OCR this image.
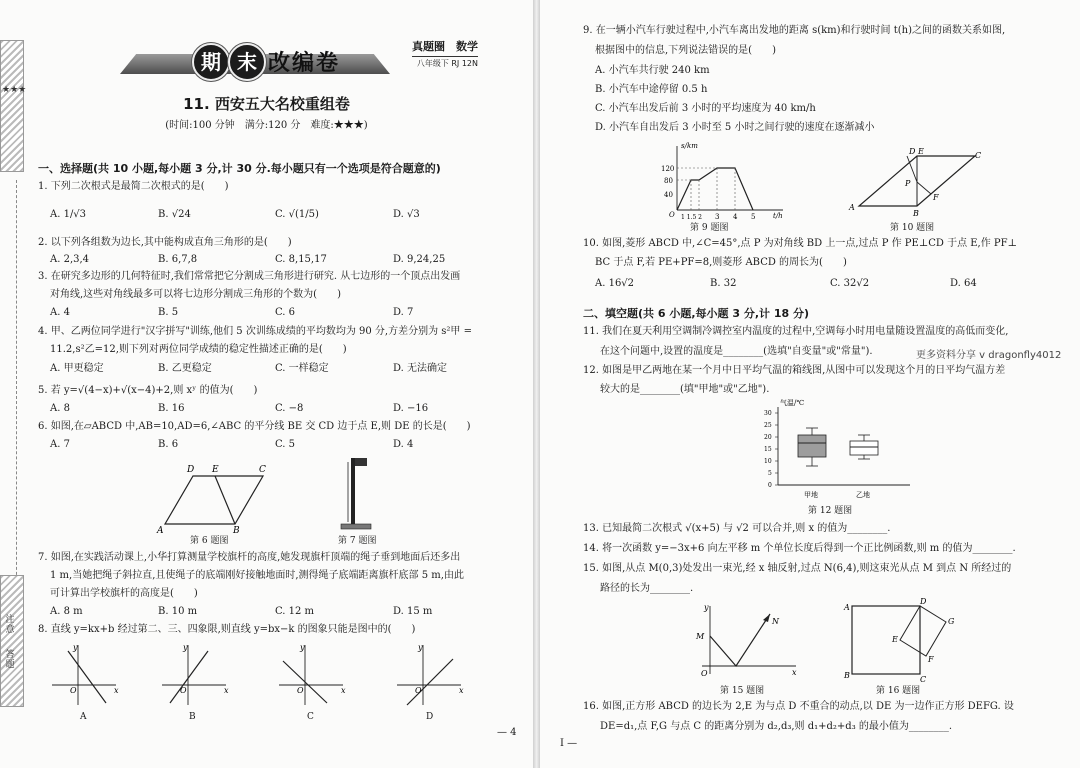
★★★
注意
答题
期 末 改编卷
真题圈　数学
八年级下 RJ 12N
11. 西安五大名校重组卷
(时间:100 分钟　满分:120 分　难度:★★★)
一、选择题(共 10 小题,每小题 3 分,计 30 分.每小题只有一个选项是符合题意的)
1. 下列二次根式是最简二次根式的是(　　)
A. 1/√3	B. √24	C. √(1/5)	D. √3
2. 以下列各组数为边长,其中能构成直角三角形的是(　　)
A. 2,3,4	B. 6,7,8	C. 8,15,17	D. 9,24,25
3. 在研究多边形的几何特征时,我们常常把它分割成三角形进行研究. 从七边形的一个顶点出发画
对角线,这些对角线最多可以将七边形分割成三角形的个数为(　　)
A. 4	B. 5	C. 6	D. 7
4. 甲、乙两位同学进行"汉字拼写"训练,他们 5 次训练成绩的平均数均为 90 分,方差分别为 s²甲 =
11.2,s²乙=12,则下列对两位同学成绩的稳定性描述正确的是(　　)
A. 甲更稳定	B. 乙更稳定	C. 一样稳定	D. 无法确定
5. 若 y=√(4−x)+√(x−4)+2,则 xʸ 的值为(　　)
A. 8	B. 16	C. −8	D. −16
6. 如图,在▱ABCD 中,AB=10,AD=6,∠ABC 的平分线 BE 交 CD 边于点 E,则 DE 的长是(　　)
A. 7	B. 6	C. 5	D. 4
D E	C
A	B
第 6 题图	第 7 题图
7. 如图,在实践活动课上,小华打算测量学校旗杆的高度,她发现旗杆顶端的绳子垂到地面后还多出
1 m,当她把绳子斜拉直,且使绳子的底端刚好接触地面时,测得绳子底端距离旗杆底部 5 m,由此
可计算出学校旗杆的高度是(　　)
A. 8 m	B. 10 m	C. 12 m	D. 15 m
8. 直线 y=kx+b 经过第二、三、四象限,则直线 y=bx−k 的图象只能是图中的(　　)
y
x
O
y
x
O
y
x
O
y
x
O
A	B	C	D
— 4
9. 在一辆小汽车行驶过程中,小汽车离出发地的距离 s(km)和行驶时间 t(h)之间的函数关系如图,
根据图中的信息,下列说法错误的是(　　)
A. 小汽车共行驶 240 km
B. 小汽车中途停留 0.5 h
C. 小汽车出发后前 3 小时的平均速度为 40 km/h
D. 小汽车自出发后 3 小时至 5 小时之间行驶的速度在逐渐减小
s/km
t/h
120
80
40
O 1 1.5 2 3 4 5
第 9 题图
D E	C
P
F
A
B
第 10 题图
10. 如图,菱形 ABCD 中,∠C=45°,点 P 为对角线 BD 上一点,过点 P 作 PE⊥CD 于点 E,作 PF⊥
BC 于点 F,若 PE+PF=8,则菱形 ABCD 的周长为(　　)
A. 16√2	B. 32	C. 32√2	D. 64
二、填空题(共 6 小题,每小题 3 分,计 18 分)
11. 我们在夏天利用空调制冷调控室内温度的过程中,空调每小时用电量随设置温度的高低而变化,
在这个问题中,设置的温度是________(选填"自变量"或"常量").	更多资料分享 v dragonfly4012
12. 如图是甲乙两地在某一个月中日平均气温的箱线图,从图中可以发现这个月的日平均气温方差
较大的是________(填"甲地"或"乙地").
气温/℃
30
25
20
15
10
5
0
甲地	乙地
第 12 题图
13. 已知最简二次根式 √(x+5) 与 √2 可以合并,则 x 的值为________.
14. 将一次函数 y=−3x+6 向左平移 m 个单位长度后得到一个正比例函数,则 m 的值为________.
15. 如图,从点 M(0,3)处发出一束光,经 x 轴反射,过点 N(6,4),则这束光从点 M 到点 N 所经过的
路径的长为________.
y
x
O
M
N
第 15 题图
A
D
B	C
E
F
G
第 16 题图
16. 如图,正方形 ABCD 的边长为 2,E 为与点 D 不重合的动点,以 DE 为一边作正方形 DEFG. 设
DE=d₁,点 F,G 与点 C 的距离分别为 d₂,d₃,则 d₁+d₂+d₃ 的最小值为________.
I —
